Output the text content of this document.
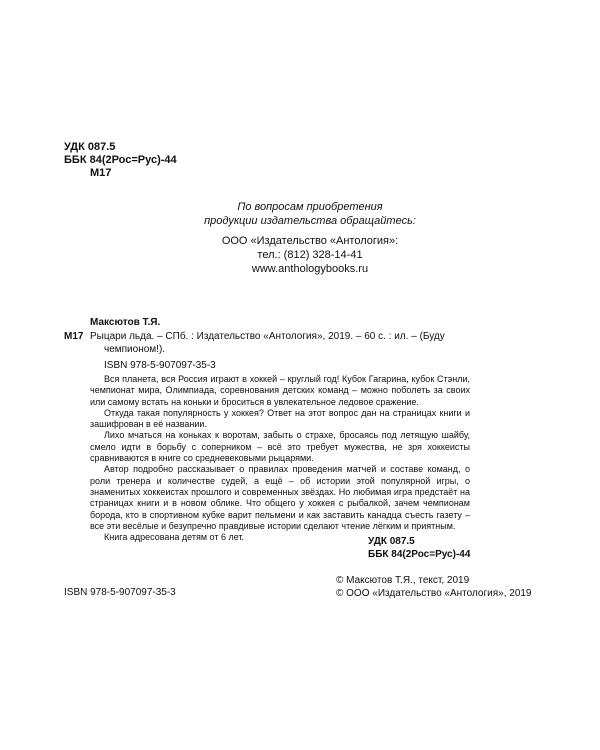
УДК 087.5
ББК 84(2Рос=Рус)-44
М17
По вопросам приобретения
продукции издательства обращайтесь:
ООО «Издательство «Антология»:
тел.: (812) 328-14-41
www.anthologybooks.ru
Максютов Т.Я.
М17 Рыцари льда. – СПб. : Издательство «Антология», 2019. – 60 с. : ил. – (Буду
чемпионом!).
ISBN 978-5-907097-35-3

Вся планета, вся Россия играют в хоккей – круглый год! Кубок Гагарина, кубок Стэнли, чемпионат мира, Олимпиада, соревнования детских команд – можно поболеть за своих или самому встать на коньки и броситься в увлекательное ледовое сражение.

Откуда такая популярность у хоккея? Ответ на этот вопрос дан на страницах книги и зашифрован в её названии.

Лихо мчаться на коньках к воротам, забыть о страхе, бросаясь под летящую шайбу, смело идти в борьбу с соперником – всё это требует мужества, не зря хоккеисты сравниваются в книге со средневековыми рыцарями.

Автор подробно рассказывает о правилах проведения матчей и составе команд, о роли тренера и количестве судей, а ещё – об истории этой популярной игры, о знаменитых хоккеистах прошлого и современных звёздах. Но любимая игра предстаёт на страницах книги и в новом облике. Что общего у хоккея с рыбалкой, зачем чемпионам борода, кто в спортивном кубке варит пельмени и как заставить канадца съесть газету – все эти весёлые и безупречно правдивые истории сделают чтение лёгким и приятным.

Книга адресована детям от 6 лет.	УДК 087.5
ББК 84(2Рос=Рус)-44
ISBN 978-5-907097-35-3
© Максютов Т.Я., текст, 2019
© ООО «Издательство «Антология», 2019
